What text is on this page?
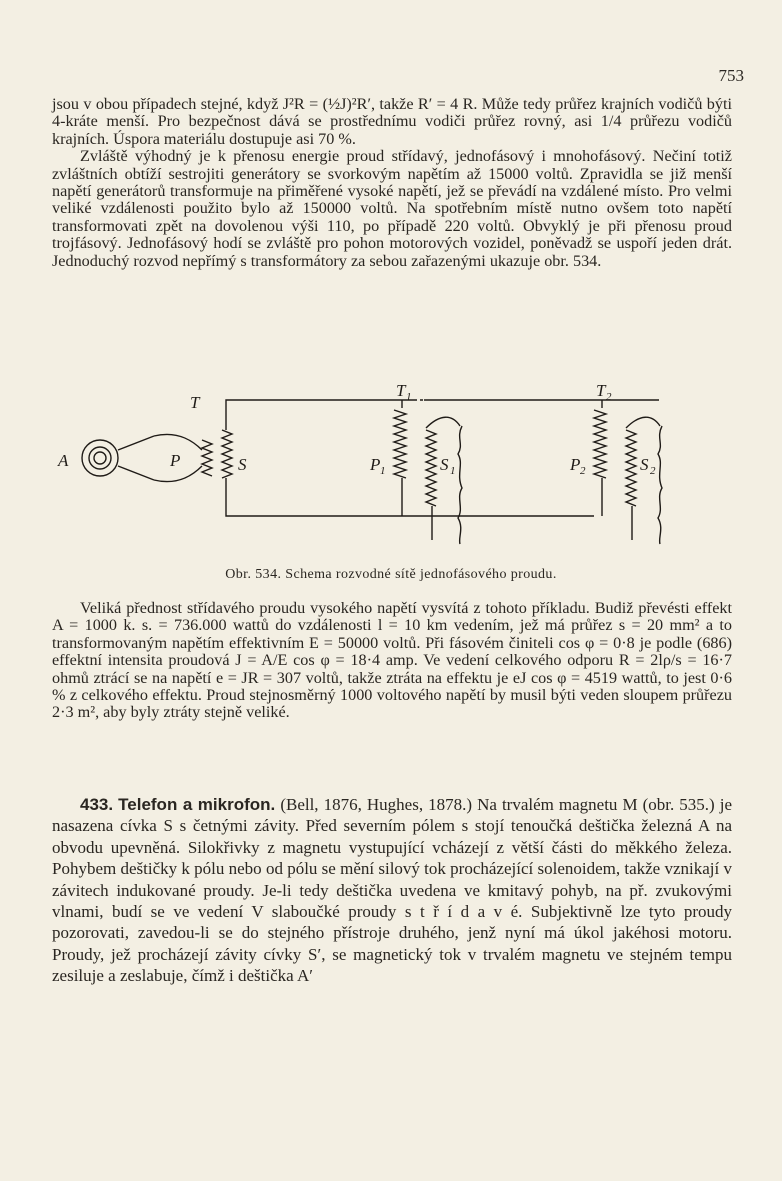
753

jsou v obou případech stejné, když J²R = (½J)²R′, takže R′ = 4 R. Může tedy průřez krajních vodičů býti 4-kráte menší. Pro bezpečnost dává se prostřednímu vodiči průřez rovný, asi 1/4 průřezu vodičů krajních. Úspora materiálu dostupuje asi 70 %.

Zvláště výhodný je k přenosu energie proud střídavý, jednofásový i mnohofásový. Nečiní totiž zvláštních obtíží sestrojiti generátory se svorkovým napětím až 15000 voltů. Zpravidla se již menší napětí generátorů transformuje na přiměřené vysoké napětí, jež se převádí na vzdálené místo. Pro velmi veliké vzdálenosti použito bylo až 150000 voltů. Na spotřebním místě nutno ovšem toto napětí transformovati zpět na dovolenou výši 110, po případě 220 voltů. Obvyklý je při přenosu proud trojfásový. Jednofásový hodí se zvláště pro pohon motorových vozidel, poněvadž se uspoří jeden drát. Jednoduchý rozvod nepřímý s transformátory za sebou zařazenými ukazuje obr. 534.

A
T
P	S
T 1
P 1	S 1
T 2
P 2	S 2
Obr. 534. Schema rozvodné sítě jednofásového proudu.

Veliká přednost střídavého proudu vysokého napětí vysvítá z tohoto příkladu. Budiž převésti effekt A = 1000 k. s. = 736.000 wattů do vzdálenosti l = 10 km vedením, jež má průřez s = 20 mm² a to transformovaným napětím effektivním E = 50000 voltů. Při fásovém činiteli cos φ = 0·8 je podle (686) effektní intensita proudová J = A/E cos φ = 18·4 amp. Ve vedení celkového odporu R = 2lρ/s = 16·7 ohmů ztrácí se na napětí e = JR = 307 voltů, takže ztráta na effektu je eJ cos φ = 4519 wattů, to jest 0·6 % z celkového effektu. Proud stejnosměrný 1000 voltového napětí by musil býti veden sloupem průřezu 2·3 m², aby byly ztráty stejně veliké.

433. Telefon a mikrofon. (Bell, 1876, Hughes, 1878.) Na trvalém magnetu M (obr. 535.) je nasazena cívka S s četnými závity. Před severním pólem s stojí tenoučká deštička železná A na obvodu upevněná. Silokřivky z magnetu vystupující vcházejí z větší části do měkkého železa. Pohybem deštičky k pólu nebo od pólu se mění silový tok procházející solenoidem, takže vznikají v závitech indukované proudy. Je-li tedy deštička uvedena ve kmitavý pohyb, na př. zvukovými vlnami, budí se ve vedení V slaboučké proudy s t ř í d a v é. Subjektivně lze tyto proudy pozorovati, zavedou-li se do stejného přístroje druhého, jenž nyní má úkol jakéhosi motoru. Proudy, jež procházejí závity cívky S′, se magnetický tok v trvalém magnetu ve stejném tempu zesiluje a zeslabuje, čímž i deštička A′
